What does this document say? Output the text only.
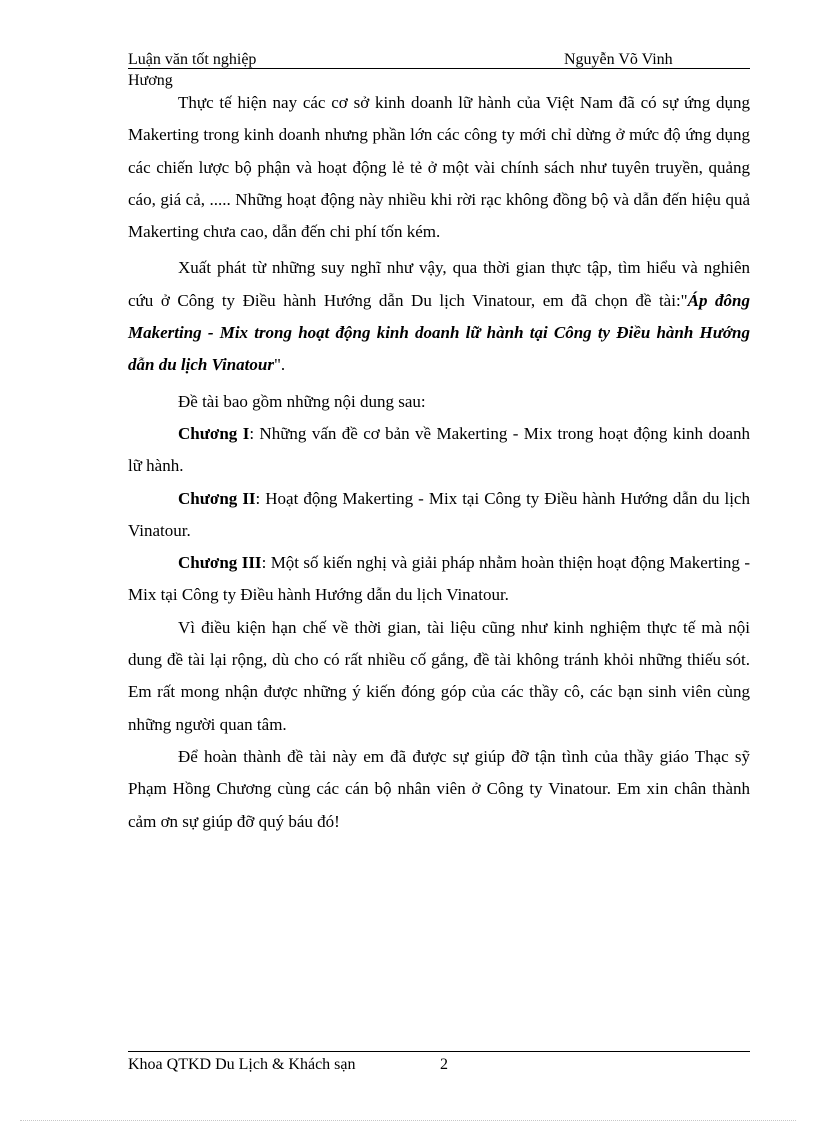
Luận văn tốt nghiệp	Nguyễn Võ Vinh
Hương

Thực tế hiện nay các cơ sở kinh doanh lữ hành của Việt Nam đã có sự ứng dụng Makerting trong kinh doanh nhưng phần lớn các công ty mới chỉ dừng ở mức độ ứng dụng các chiến lược bộ phận và hoạt động lẻ tẻ ở một vài chính sách như tuyên truyền, quảng cáo, giá cả, ..... Những hoạt động này nhiều khi rời rạc không đồng bộ và dẫn đến hiệu quả Makerting chưa cao, dẫn đến chi phí tốn kém.

Xuất phát từ những suy nghĩ như vậy, qua thời gian thực tập, tìm hiểu và nghiên cứu ở Công ty Điều hành Hướng dẫn Du lịch Vinatour, em đã chọn đề tài:"Áp đông Makerting - Mix trong hoạt động kinh doanh lữ hành tại Công ty Điều hành Hướng dẫn du lịch Vinatour".

Đề tài bao gồm những nội dung sau:

Chương I: Những vấn đề cơ bản về Makerting - Mix trong hoạt động kinh doanh lữ hành.

Chương II: Hoạt động Makerting - Mix tại Công ty Điều hành Hướng dẫn du lịch Vinatour.

Chương III: Một số kiến nghị và giải pháp nhằm hoàn thiện hoạt động Makerting - Mix tại Công ty Điều hành Hướng dẫn du lịch Vinatour.

Vì điều kiện hạn chế về thời gian, tài liệu cũng như kinh nghiệm thực tế mà nội dung đề tài lại rộng, dù cho có rất nhiều cố gắng, đề tài không tránh khỏi những thiếu sót. Em rất mong nhận được những ý kiến đóng góp của các thầy cô, các bạn sinh viên cùng những người quan tâm.

Để hoàn thành đề tài này em đã được sự giúp đỡ tận tình của thầy giáo Thạc sỹ Phạm Hồng Chương cùng các cán bộ nhân viên ở Công ty Vinatour. Em xin chân thành cảm ơn sự giúp đỡ quý báu đó!

Khoa QTKD Du Lịch & Khách sạn	2
